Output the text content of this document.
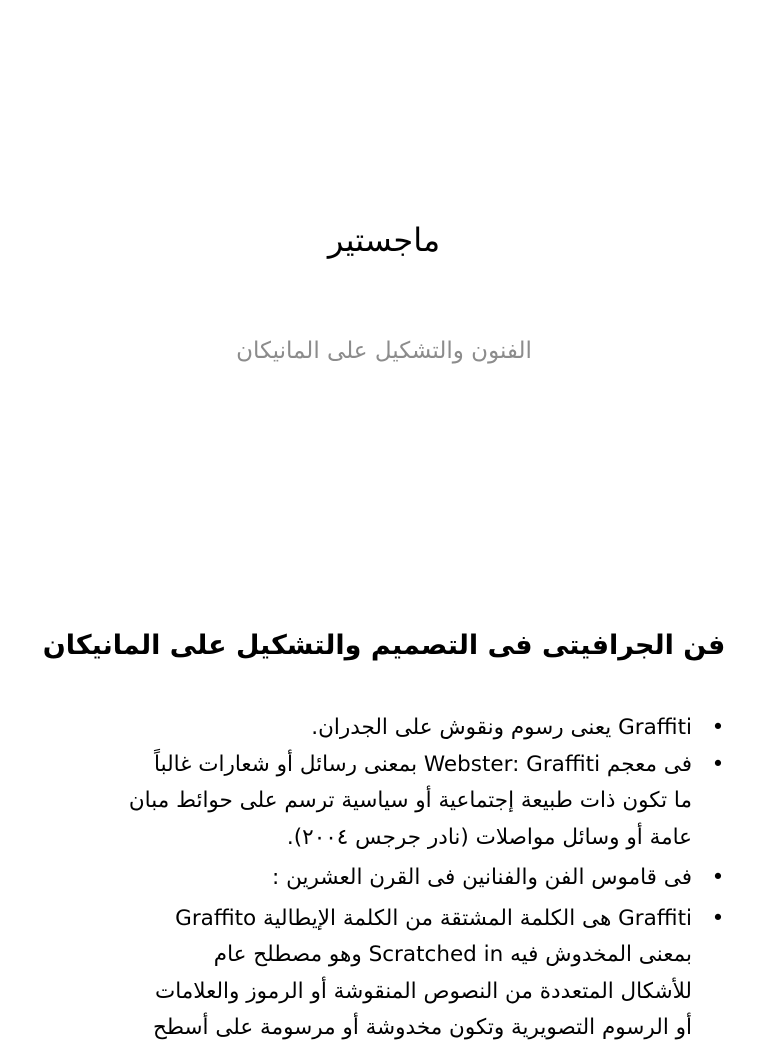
ماجستير
الفنون والتشكيل على المانيكان
فن الجرافيتى فى التصميم والتشكيل على المانيكان
•
Graffiti يعنى رسوم ونقوش على الجدران.
•
فى معجم Webster: Graffiti بمعنى رسائل أو شعارات غالباً
ما تكون ذات طبيعة إجتماعية أو سياسية ترسم على حوائط مبان
عامة أو وسائل مواصلات (نادر جرجس ٢٠٠٤).
•
فى قاموس الفن والفنانين فى القرن العشرين :
•
Graffiti هى الكلمة المشتقة من الكلمة الإيطالية Graffito
بمعنى المخدوش فيه Scratched in وهو مصطلح عام
للأشكال المتعددة من النصوص المنقوشة أو الرموز والعلامات
أو الرسوم التصويرية وتكون مخدوشة أو مرسومة على أسطح
